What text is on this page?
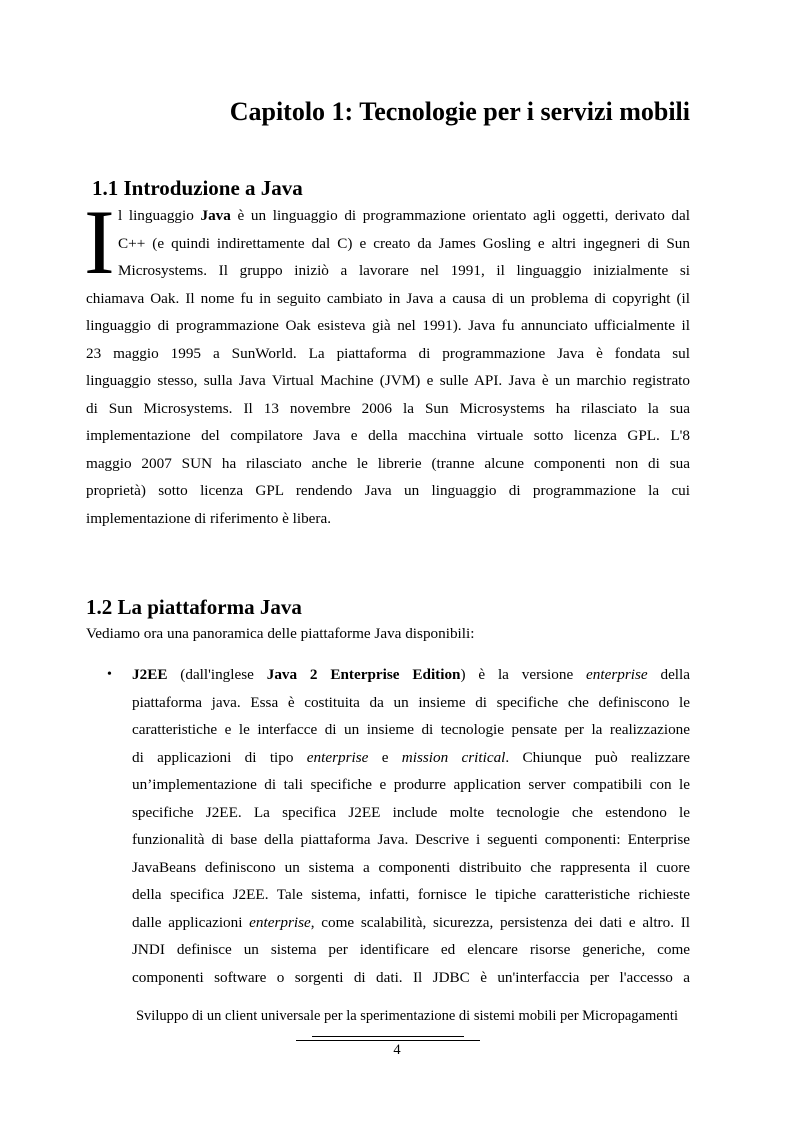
Capitolo 1: Tecnologie per i servizi mobili
1.1 Introduzione a Java
I l linguaggio Java è un linguaggio di programmazione orientato agli oggetti, derivato dal
C++ (e quindi indirettamente dal C) e creato da James Gosling e altri ingegneri di Sun
Microsystems. Il gruppo iniziò a lavorare nel 1991, il linguaggio inizialmente si
chiamava Oak. Il nome fu in seguito cambiato in Java a causa di un problema di copyright (il
linguaggio di programmazione Oak esisteva già nel 1991). Java fu annunciato ufficialmente il
23 maggio 1995 a SunWorld. La piattaforma di programmazione Java è fondata sul
linguaggio stesso, sulla Java Virtual Machine (JVM) e sulle API. Java è un marchio registrato
di Sun Microsystems. Il 13 novembre 2006 la Sun Microsystems ha rilasciato la sua
implementazione del compilatore Java e della macchina virtuale sotto licenza GPL. L'8
maggio 2007 SUN ha rilasciato anche le librerie (tranne alcune componenti non di sua
proprietà) sotto licenza GPL rendendo Java un linguaggio di programmazione la cui
implementazione di riferimento è libera.
1.2 La piattaforma Java
Vediamo ora una panoramica delle piattaforme Java disponibili:
• J2EE (dall'inglese Java 2 Enterprise Edition) è la versione enterprise della
piattaforma java. Essa è costituita da un insieme di specifiche che definiscono le
caratteristiche e le interfacce di un insieme di tecnologie pensate per la realizzazione
di applicazioni di tipo enterprise e mission critical. Chiunque può realizzare
un’implementazione di tali specifiche e produrre application server compatibili con le
specifiche J2EE. La specifica J2EE include molte tecnologie che estendono le
funzionalità di base della piattaforma Java. Descrive i seguenti componenti: Enterprise
JavaBeans definiscono un sistema a componenti distribuito che rappresenta il cuore
della specifica J2EE. Tale sistema, infatti, fornisce le tipiche caratteristiche richieste
dalle applicazioni enterprise, come scalabilità, sicurezza, persistenza dei dati e altro. Il
JNDI definisce un sistema per identificare ed elencare risorse generiche, come
componenti software o sorgenti di dati. Il JDBC è un'interfaccia per l'accesso a
Sviluppo di un client universale per la sperimentazione di sistemi mobili per Micropagamenti
4
